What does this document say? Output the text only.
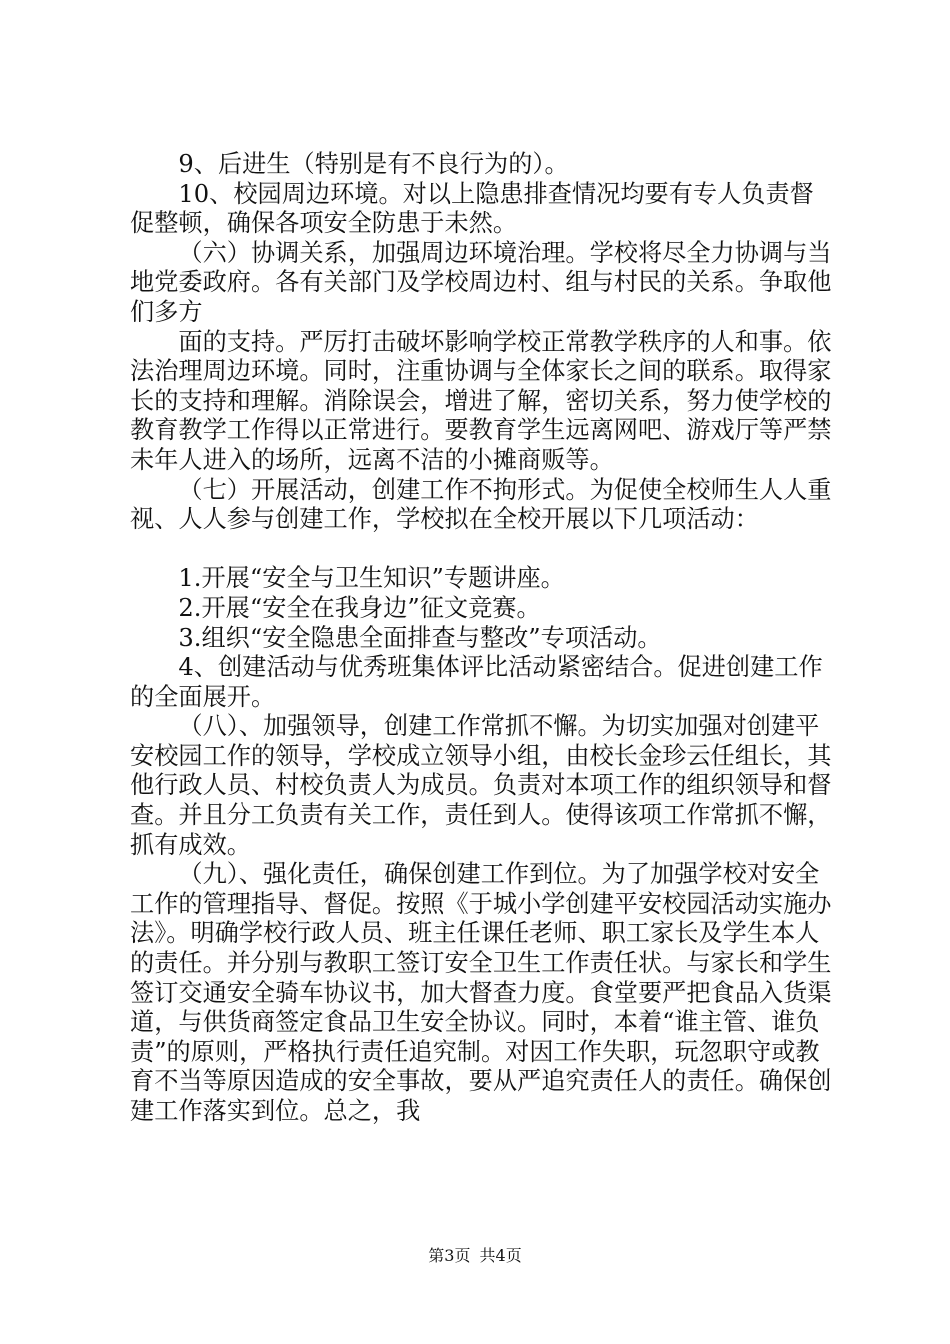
9、后进生（特别是有不良行为的）。

10、校园周边环境。对以上隐患排查情况均要有专人负责督促整顿，确保各项安全防患于未然。

（六）协调关系，加强周边环境治理。学校将尽全力协调与当地党委政府。各有关部门及学校周边村、组与村民的关系。争取他们多方

面的支持。严厉打击破坏影响学校正常教学秩序的人和事。依法治理周边环境。同时，注重协调与全体家长之间的联系。取得家长的支持和理解。消除误会，增进了解，密切关系，努力使学校的教育教学工作得以正常进行。要教育学生远离网吧、游戏厅等严禁未年人进入的场所，远离不洁的小摊商贩等。

（七）开展活动，创建工作不拘形式。为促使全校师生人人重视、人人参与创建工作，学校拟在全校开展以下几项活动：

1.开展“安全与卫生知识”专题讲座。

2.开展“安全在我身边”征文竞赛。

3.组织“安全隐患全面排查与整改”专项活动。

4、创建活动与优秀班集体评比活动紧密结合。促进创建工作的全面展开。

（八）、加强领导，创建工作常抓不懈。为切实加强对创建平安校园工作的领导，学校成立领导小组，由校长金珍云任组长，其他行政人员、村校负责人为成员。负责对本项工作的组织领导和督查。并且分工负责有关工作，责任到人。使得该项工作常抓不懈，抓有成效。

（九）、强化责任，确保创建工作到位。为了加强学校对安全工作的管理指导、督促。按照《于城小学创建平安校园活动实施办法》。明确学校行政人员、班主任课任老师、职工家长及学生本人的责任。并分别与教职工签订安全卫生工作责任状。与家长和学生签订交通安全骑车协议书，加大督查力度。食堂要严把食品入货渠道，与供货商签定食品卫生安全协议。同时，本着“谁主管、谁负责”的原则，严格执行责任追究制。对因工作失职，玩忽职守或教育不当等原因造成的安全事故，要从严追究责任人的责任。确保创建工作落实到位。总之，我

第3页 共4页
